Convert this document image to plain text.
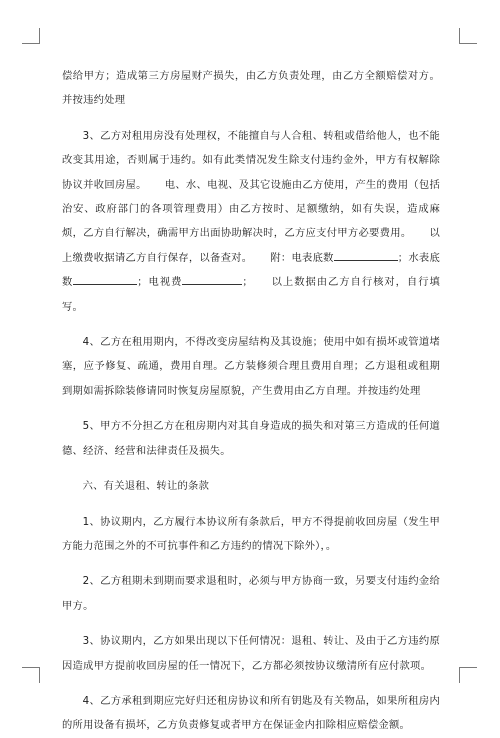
偿给甲方；造成第三方房屋财产损失，由乙方负责处理，由乙方全额赔偿对方。并按违约处理

3、乙方对租用房没有处理权，不能擅自与人合租、转租或借给他人，也不能改变其用途，否则属于违约。如有此类情况发生除支付违约金外，甲方有权解除协议并收回房屋。 电、水、电视、及其它设施由乙方使用，产生的费用（包括治安、政府部门的各项管理费用）由乙方按时、足额缴纳，如有失误，造成麻烦，乙方自行解决，确需甲方出面协助解决时，乙方应支付甲方必要费用。 以上缴费收据请乙方自行保存，以备查对。 附：电表底数	；水表底数	；电视费	； 以上数据由乙方自行核对，自行填写。

4、乙方在租用期内，不得改变房屋结构及其设施；使用中如有损坏或管道堵塞，应予修复、疏通，费用自理。乙方装修须合理且费用自理；乙方退租或租期到期如需拆除装修请同时恢复房屋原貌，产生费用由乙方自理。并按违约处理

5、甲方不分担乙方在租房期内对其自身造成的损失和对第三方造成的任何道德、经济、经营和法律责任及损失。

六、有关退租、转让的条款

1、协议期内，乙方履行本协议所有条款后，甲方不得提前收回房屋（发生甲方能力范围之外的不可抗事件和乙方违约的情况下除外），。

2、乙方租期未到期而要求退租时，必须与甲方协商一致，另要支付违约金给甲方。

3、协议期内，乙方如果出现以下任何情况：退租、转让、及由于乙方违约原因造成甲方提前收回房屋的任一情况下，乙方都必须按协议缴清所有应付款项。

4、乙方承租到期应完好归还租房协议和所有钥匙及有关物品，如果所租房内的所用设备有损坏，乙方负责修复或者甲方在保证金内扣除相应赔偿金额。
